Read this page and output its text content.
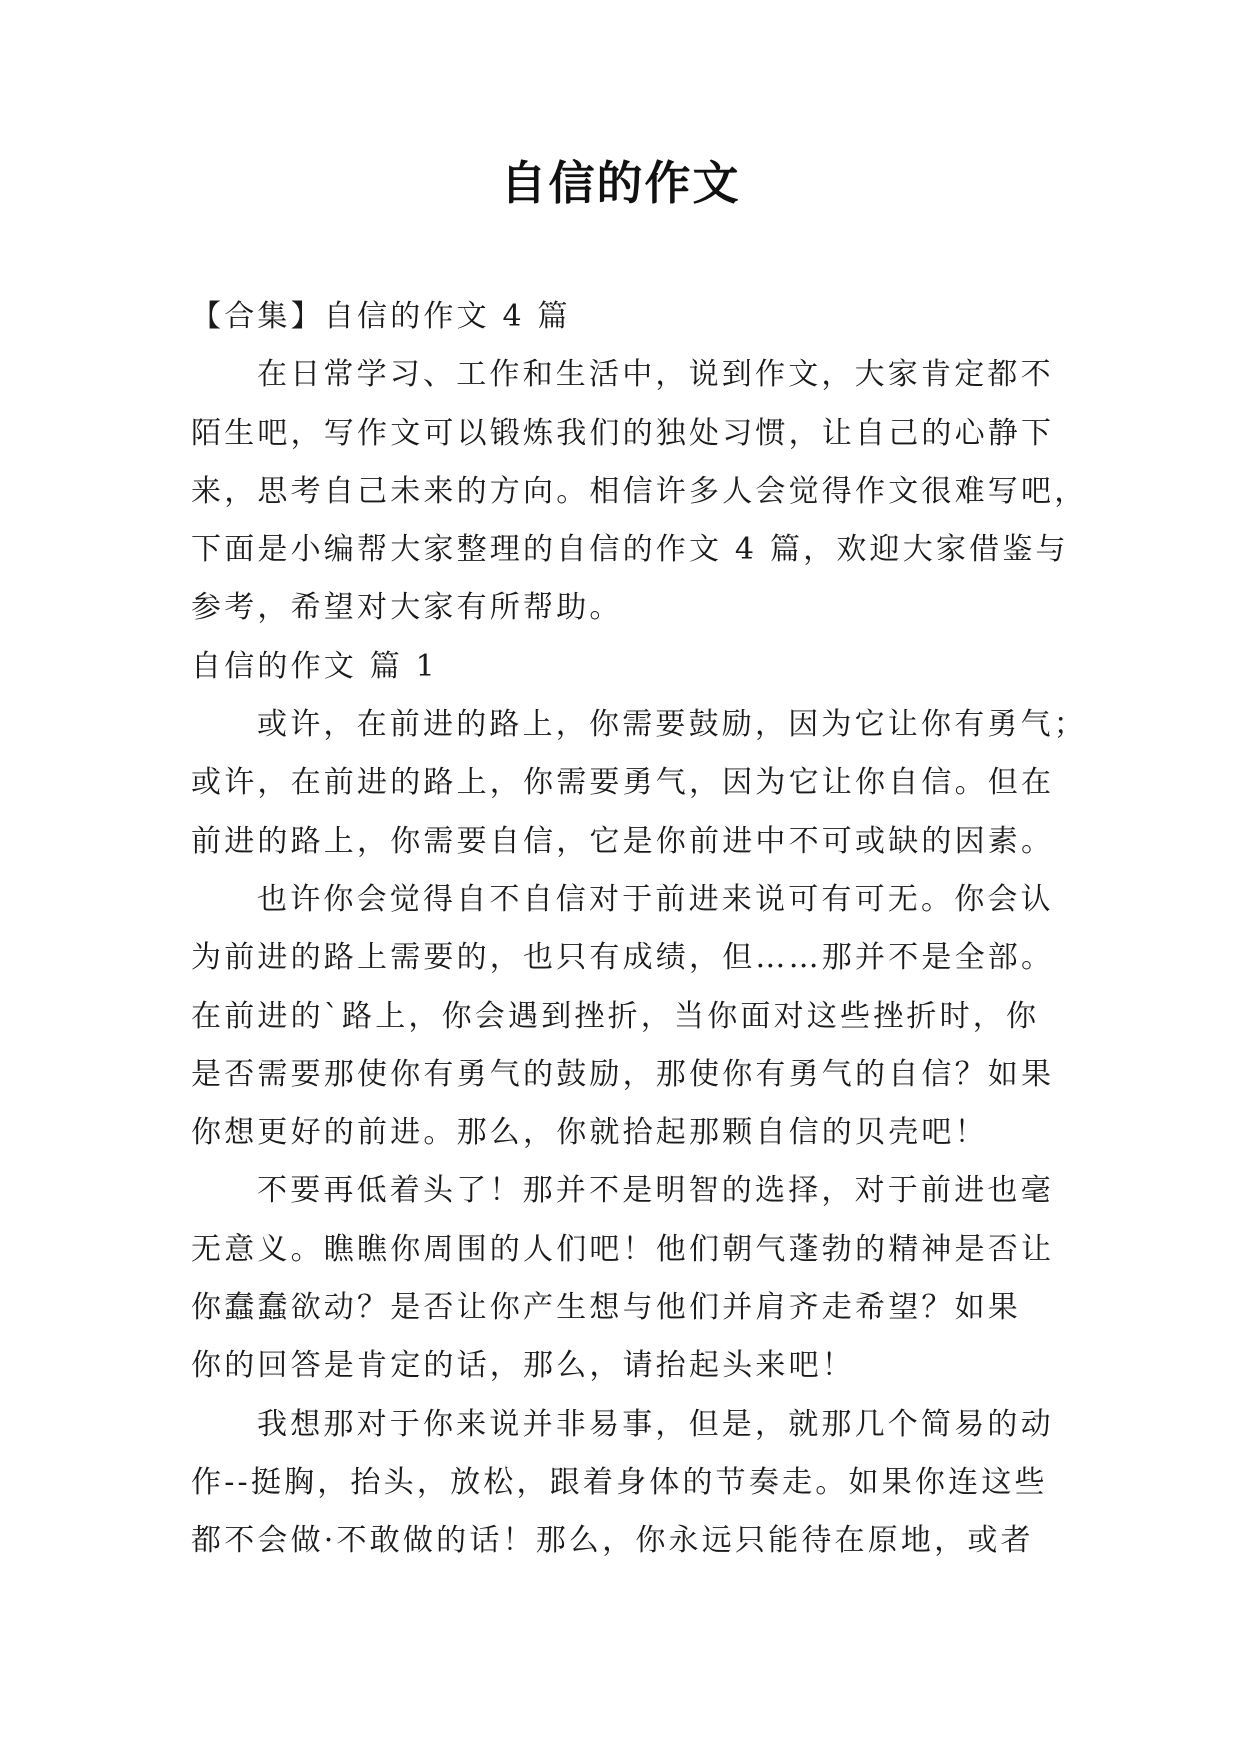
自信的作文
【合集】自信的作文 4 篇
在日常学习、工作和生活中，说到作文，大家肯定都不
陌生吧，写作文可以锻炼我们的独处习惯，让自己的心静下
来，思考自己未来的方向。相信许多人会觉得作文很难写吧，
下面是小编帮大家整理的自信的作文 4 篇，欢迎大家借鉴与
参考，希望对大家有所帮助。
自信的作文 篇 1
或许，在前进的路上，你需要鼓励，因为它让你有勇气；
或许，在前进的路上，你需要勇气，因为它让你自信。但在
前进的路上，你需要自信，它是你前进中不可或缺的因素。
也许你会觉得自不自信对于前进来说可有可无。你会认
为前进的路上需要的，也只有成绩，但……那并不是全部。
在前进的`路上，你会遇到挫折，当你面对这些挫折时，你
是否需要那使你有勇气的鼓励，那使你有勇气的自信？如果
你想更好的前进。那么，你就拾起那颗自信的贝壳吧！
不要再低着头了！那并不是明智的选择，对于前进也毫
无意义。瞧瞧你周围的人们吧！他们朝气蓬勃的精神是否让
你蠢蠢欲动？是否让你产生想与他们并肩齐走希望？如果
你的回答是肯定的话，那么，请抬起头来吧！
我想那对于你来说并非易事，但是，就那几个简易的动
作--挺胸，抬头，放松，跟着身体的节奏走。如果你连这些
都不会做·不敢做的话！那么，你永远只能待在原地，或者
